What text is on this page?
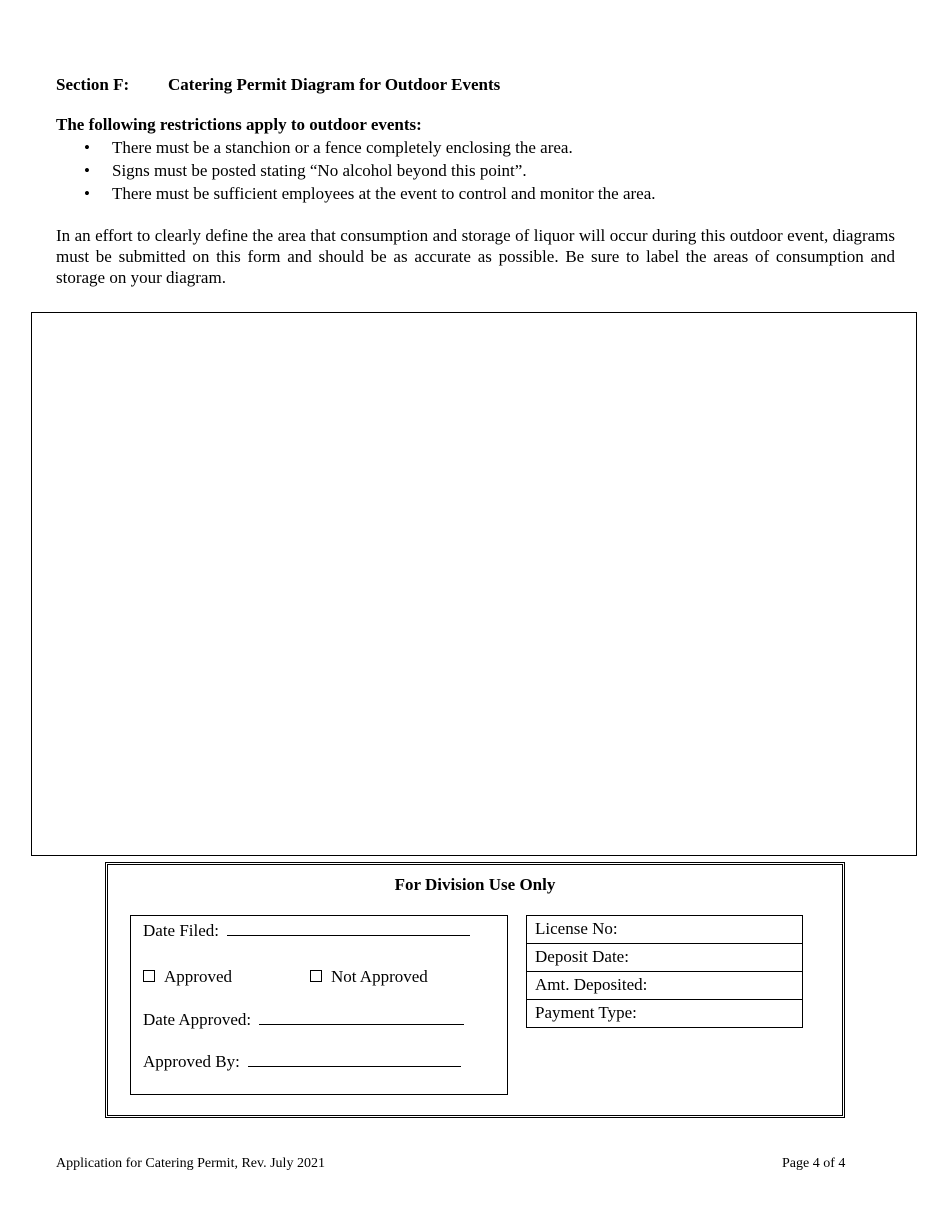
Section F: Catering Permit Diagram for Outdoor Events
The following restrictions apply to outdoor events:
• There must be a stanchion or a fence completely enclosing the area.
• Signs must be posted stating “No alcohol beyond this point”.
• There must be sufficient employees at the event to control and monitor the area.
In an effort to clearly define the area that consumption and storage of liquor will occur during this outdoor event, diagrams must be submitted on this form and should be as accurate as possible. Be sure to label the areas of consumption and storage on your diagram.
For Division Use Only
Date Filed:
Approved	Not Approved
Date Approved:
Approved By:
License No:
Deposit Date:
Amt. Deposited:
Payment Type:
Application for Catering Permit, Rev. July 2021	Page 4 of 4
